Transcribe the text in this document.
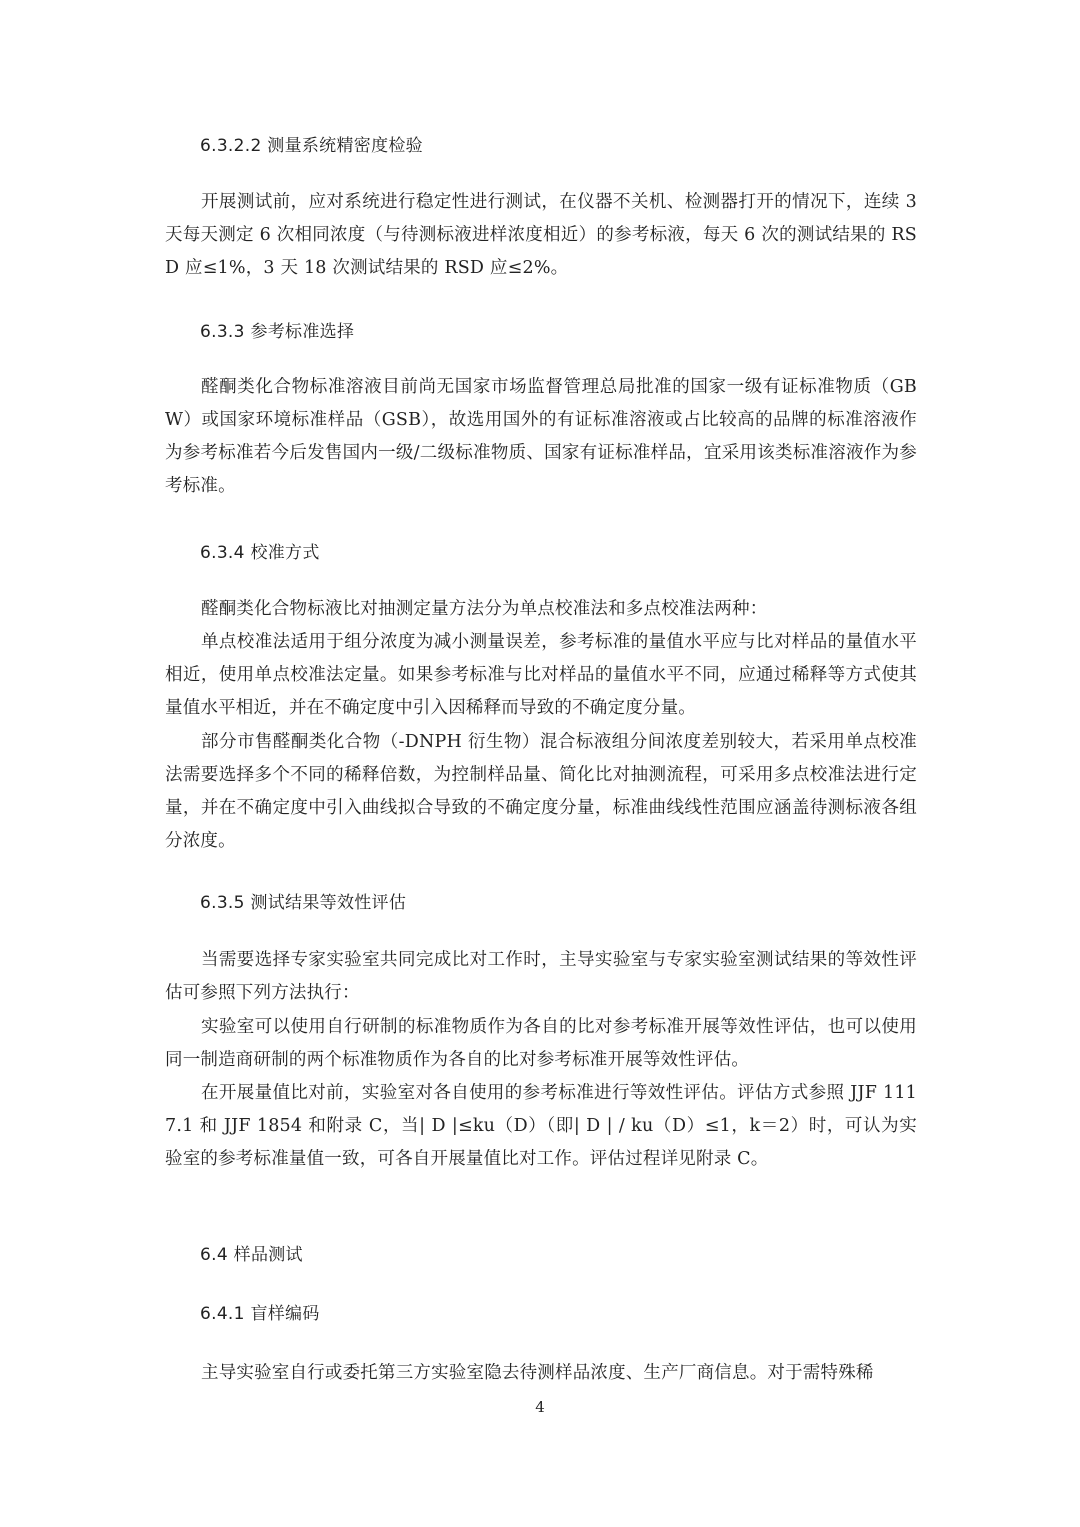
6.3.2.2 测量系统精密度检验
开展测试前，应对系统进行稳定性进行测试，在仪器不关机、检测器打开的情况下，连续 3 天每天测定 6 次相同浓度（与待测标液进样浓度相近）的参考标液，每天 6 次的测试结果的 RSD 应≤1%，3 天 18 次测试结果的 RSD 应≤2%。
6.3.3 参考标准选择
醛酮类化合物标准溶液目前尚无国家市场监督管理总局批准的国家一级有证标准物质（GBW）或国家环境标准样品（GSB），故选用国外的有证标准溶液或占比较高的品牌的标准溶液作为参考标准若今后发售国内一级/二级标准物质、国家有证标准样品，宜采用该类标准溶液作为参考标准。
6.3.4 校准方式
醛酮类化合物标液比对抽测定量方法分为单点校准法和多点校准法两种：
单点校准法适用于组分浓度为减小测量误差，参考标准的量值水平应与比对样品的量值水平相近，使用单点校准法定量。如果参考标准与比对样品的量值水平不同，应通过稀释等方式使其量值水平相近，并在不确定度中引入因稀释而导致的不确定度分量。
部分市售醛酮类化合物（-DNPH 衍生物）混合标液组分间浓度差别较大，若采用单点校准法需要选择多个不同的稀释倍数，为控制样品量、简化比对抽测流程，可采用多点校准法进行定量，并在不确定度中引入曲线拟合导致的不确定度分量，标准曲线线性范围应涵盖待测标液各组分浓度。
6.3.5 测试结果等效性评估
当需要选择专家实验室共同完成比对工作时，主导实验室与专家实验室测试结果的等效性评估可参照下列方法执行：
实验室可以使用自行研制的标准物质作为各自的比对参考标准开展等效性评估，也可以使用同一制造商研制的两个标准物质作为各自的比对参考标准开展等效性评估。
在开展量值比对前，实验室对各自使用的参考标准进行等效性评估。评估方式参照 JJF 1117.1 和 JJF 1854 和附录 C，当| D |≤ku（D）（即| D | / ku（D）≤1，k＝2）时，可认为实验室的参考标准量值一致，可各自开展量值比对工作。评估过程详见附录 C。
6.4 样品测试
6.4.1 盲样编码
主导实验室自行或委托第三方实验室隐去待测样品浓度、生产厂商信息。对于需特殊稀
4
